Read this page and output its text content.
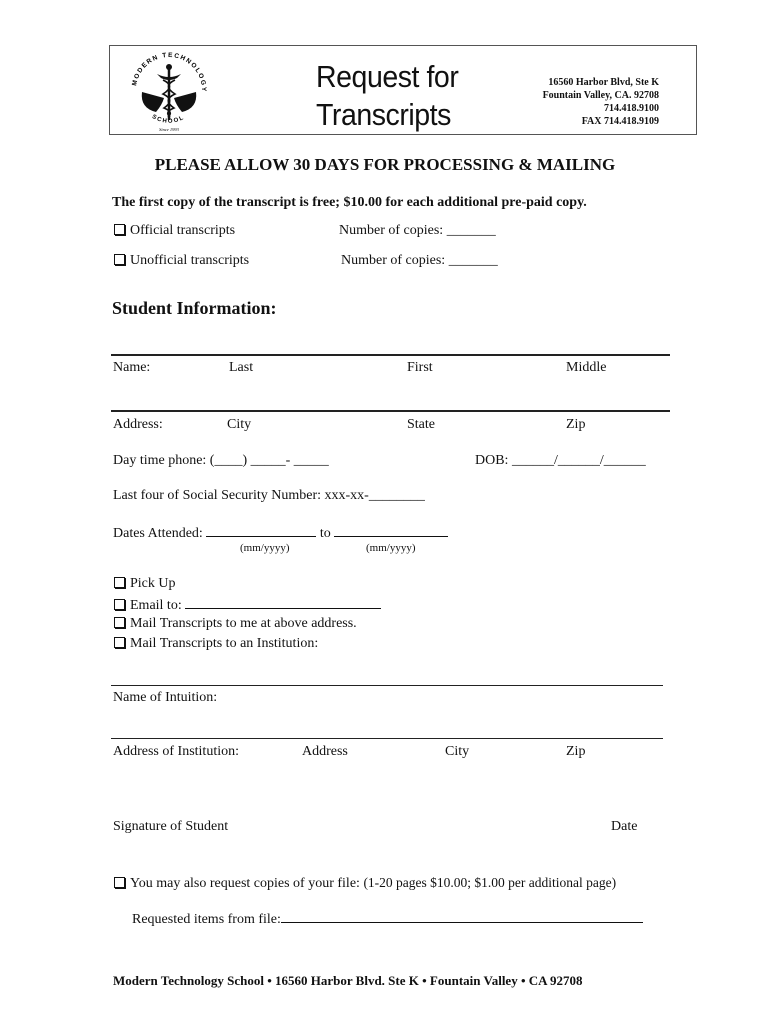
MODERN TECHNOLOGY
SCHOOL
Since 1993
Request for
Transcripts
16560 Harbor Blvd, Ste K
Fountain Valley, CA. 92708
714.418.9100
FAX 714.418.9109
PLEASE ALLOW 30 DAYS FOR PROCESSING & MAILING
The first copy of the transcript is free; $10.00 for each additional pre-paid copy.
Official transcripts	Number of copies: _______
Unofficial transcripts	Number of copies: _______
Student Information:
Name:	Last	First	Middle
Address:	City	State	Zip
Day time phone: (____) _____- _____	DOB: ______/______/______
Last four of Social Security Number: xxx-xx-________
Dates Attended:	to
(mm/yyyy)	(mm/yyyy)
Pick Up
Email to:
Mail Transcripts to me at above address.
Mail Transcripts to an Institution:
Name of Intuition:
Address of Institution:	Address	City	Zip
Signature of Student	Date
You may also request copies of your file: (1-20 pages $10.00; $1.00 per additional page)
Requested items from file:
Modern Technology School • 16560 Harbor Blvd. Ste K • Fountain Valley • CA 92708
